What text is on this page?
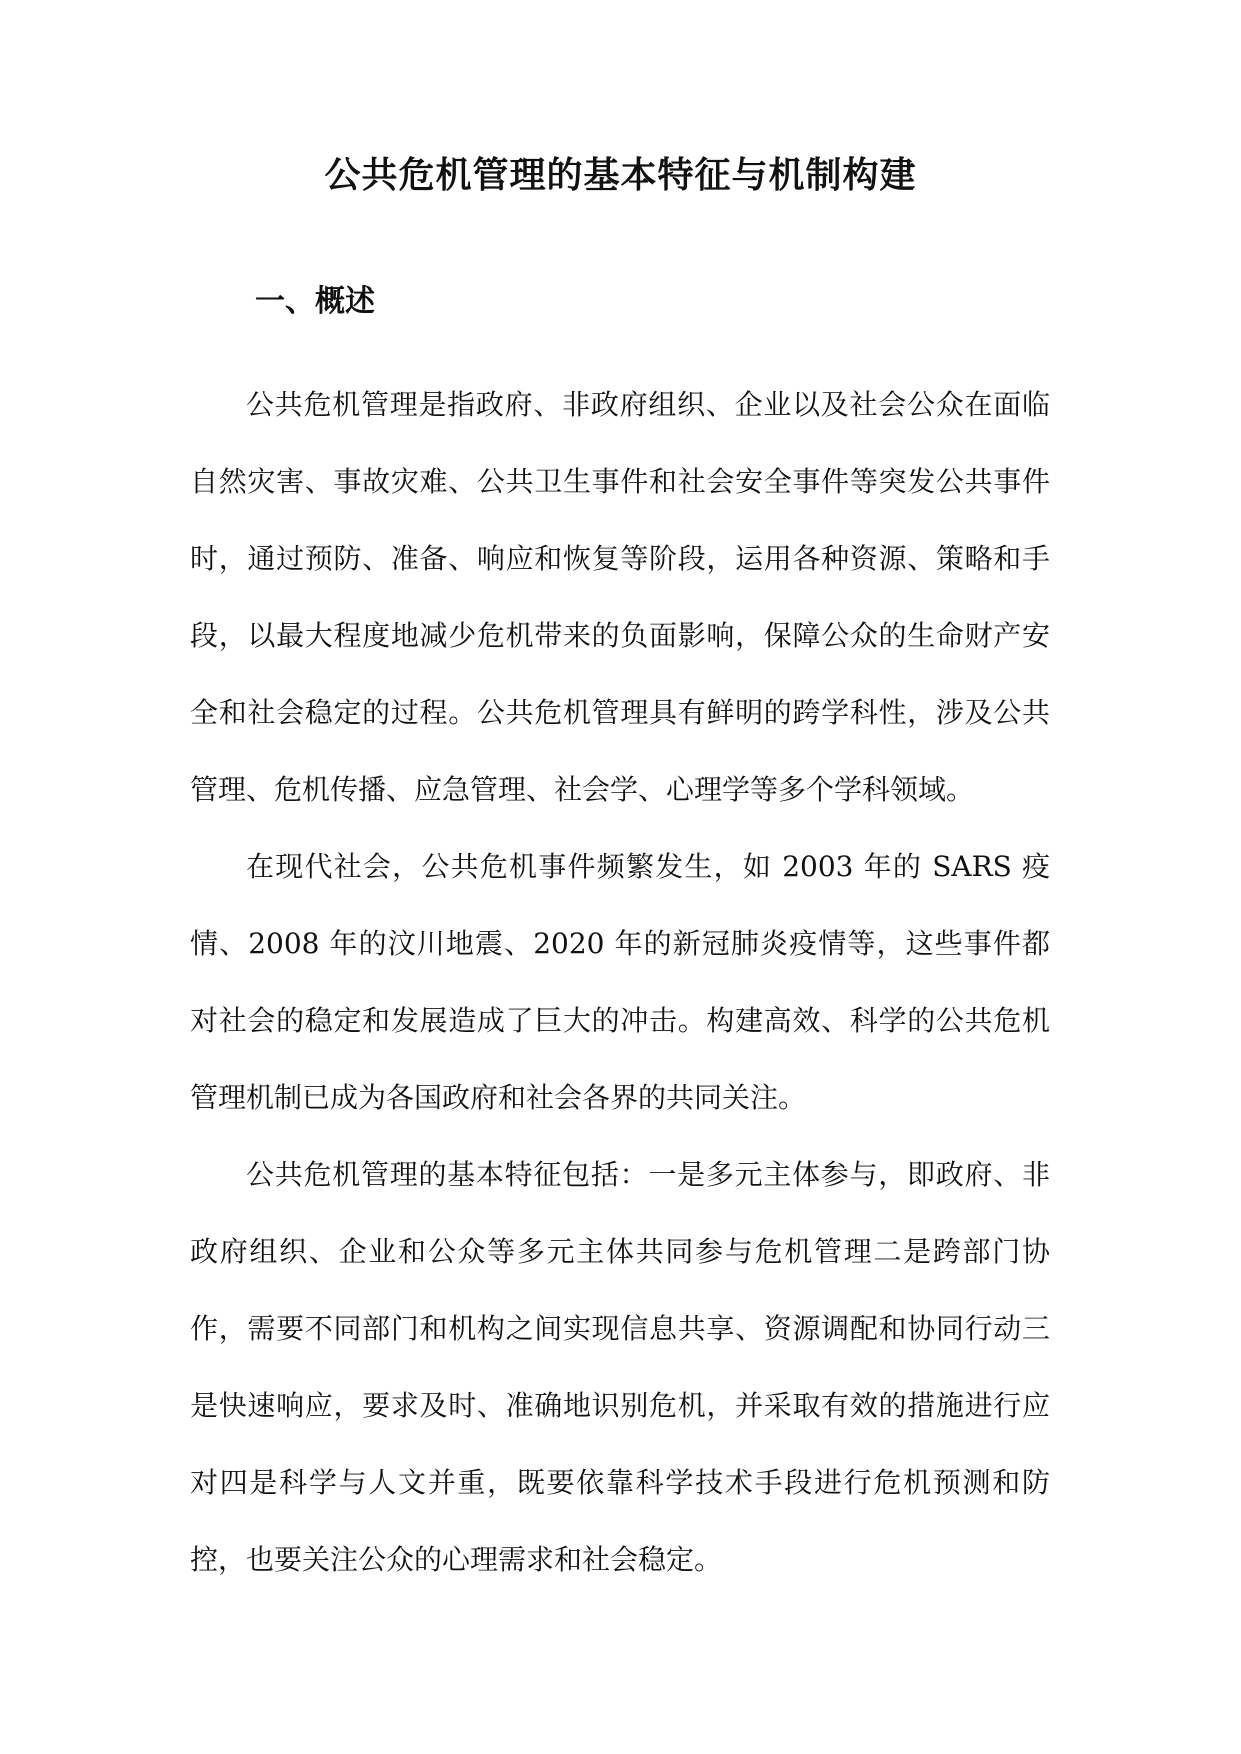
公共危机管理的基本特征与机制构建
一、概述

公共危机管理是指政府、非政府组织、企业以及社会公众在面临自然灾害、事故灾难、公共卫生事件和社会安全事件等突发公共事件时，通过预防、准备、响应和恢复等阶段，运用各种资源、策略和手段，以最大程度地减少危机带来的负面影响，保障公众的生命财产安全和社会稳定的过程。公共危机管理具有鲜明的跨学科性，涉及公共管理、危机传播、应急管理、社会学、心理学等多个学科领域。

在现代社会，公共危机事件频繁发生，如 2003 年的 SARS 疫情、2008 年的汶川地震、2020 年的新冠肺炎疫情等，这些事件都对社会的稳定和发展造成了巨大的冲击。构建高效、科学的公共危机管理机制已成为各国政府和社会各界的共同关注。

公共危机管理的基本特征包括：一是多元主体参与，即政府、非政府组织、企业和公众等多元主体共同参与危机管理二是跨部门协作，需要不同部门和机构之间实现信息共享、资源调配和协同行动三是快速响应，要求及时、准确地识别危机，并采取有效的措施进行应对四是科学与人文并重，既要依靠科学技术手段进行危机预测和防控，也要关注公众的心理需求和社会稳定。
